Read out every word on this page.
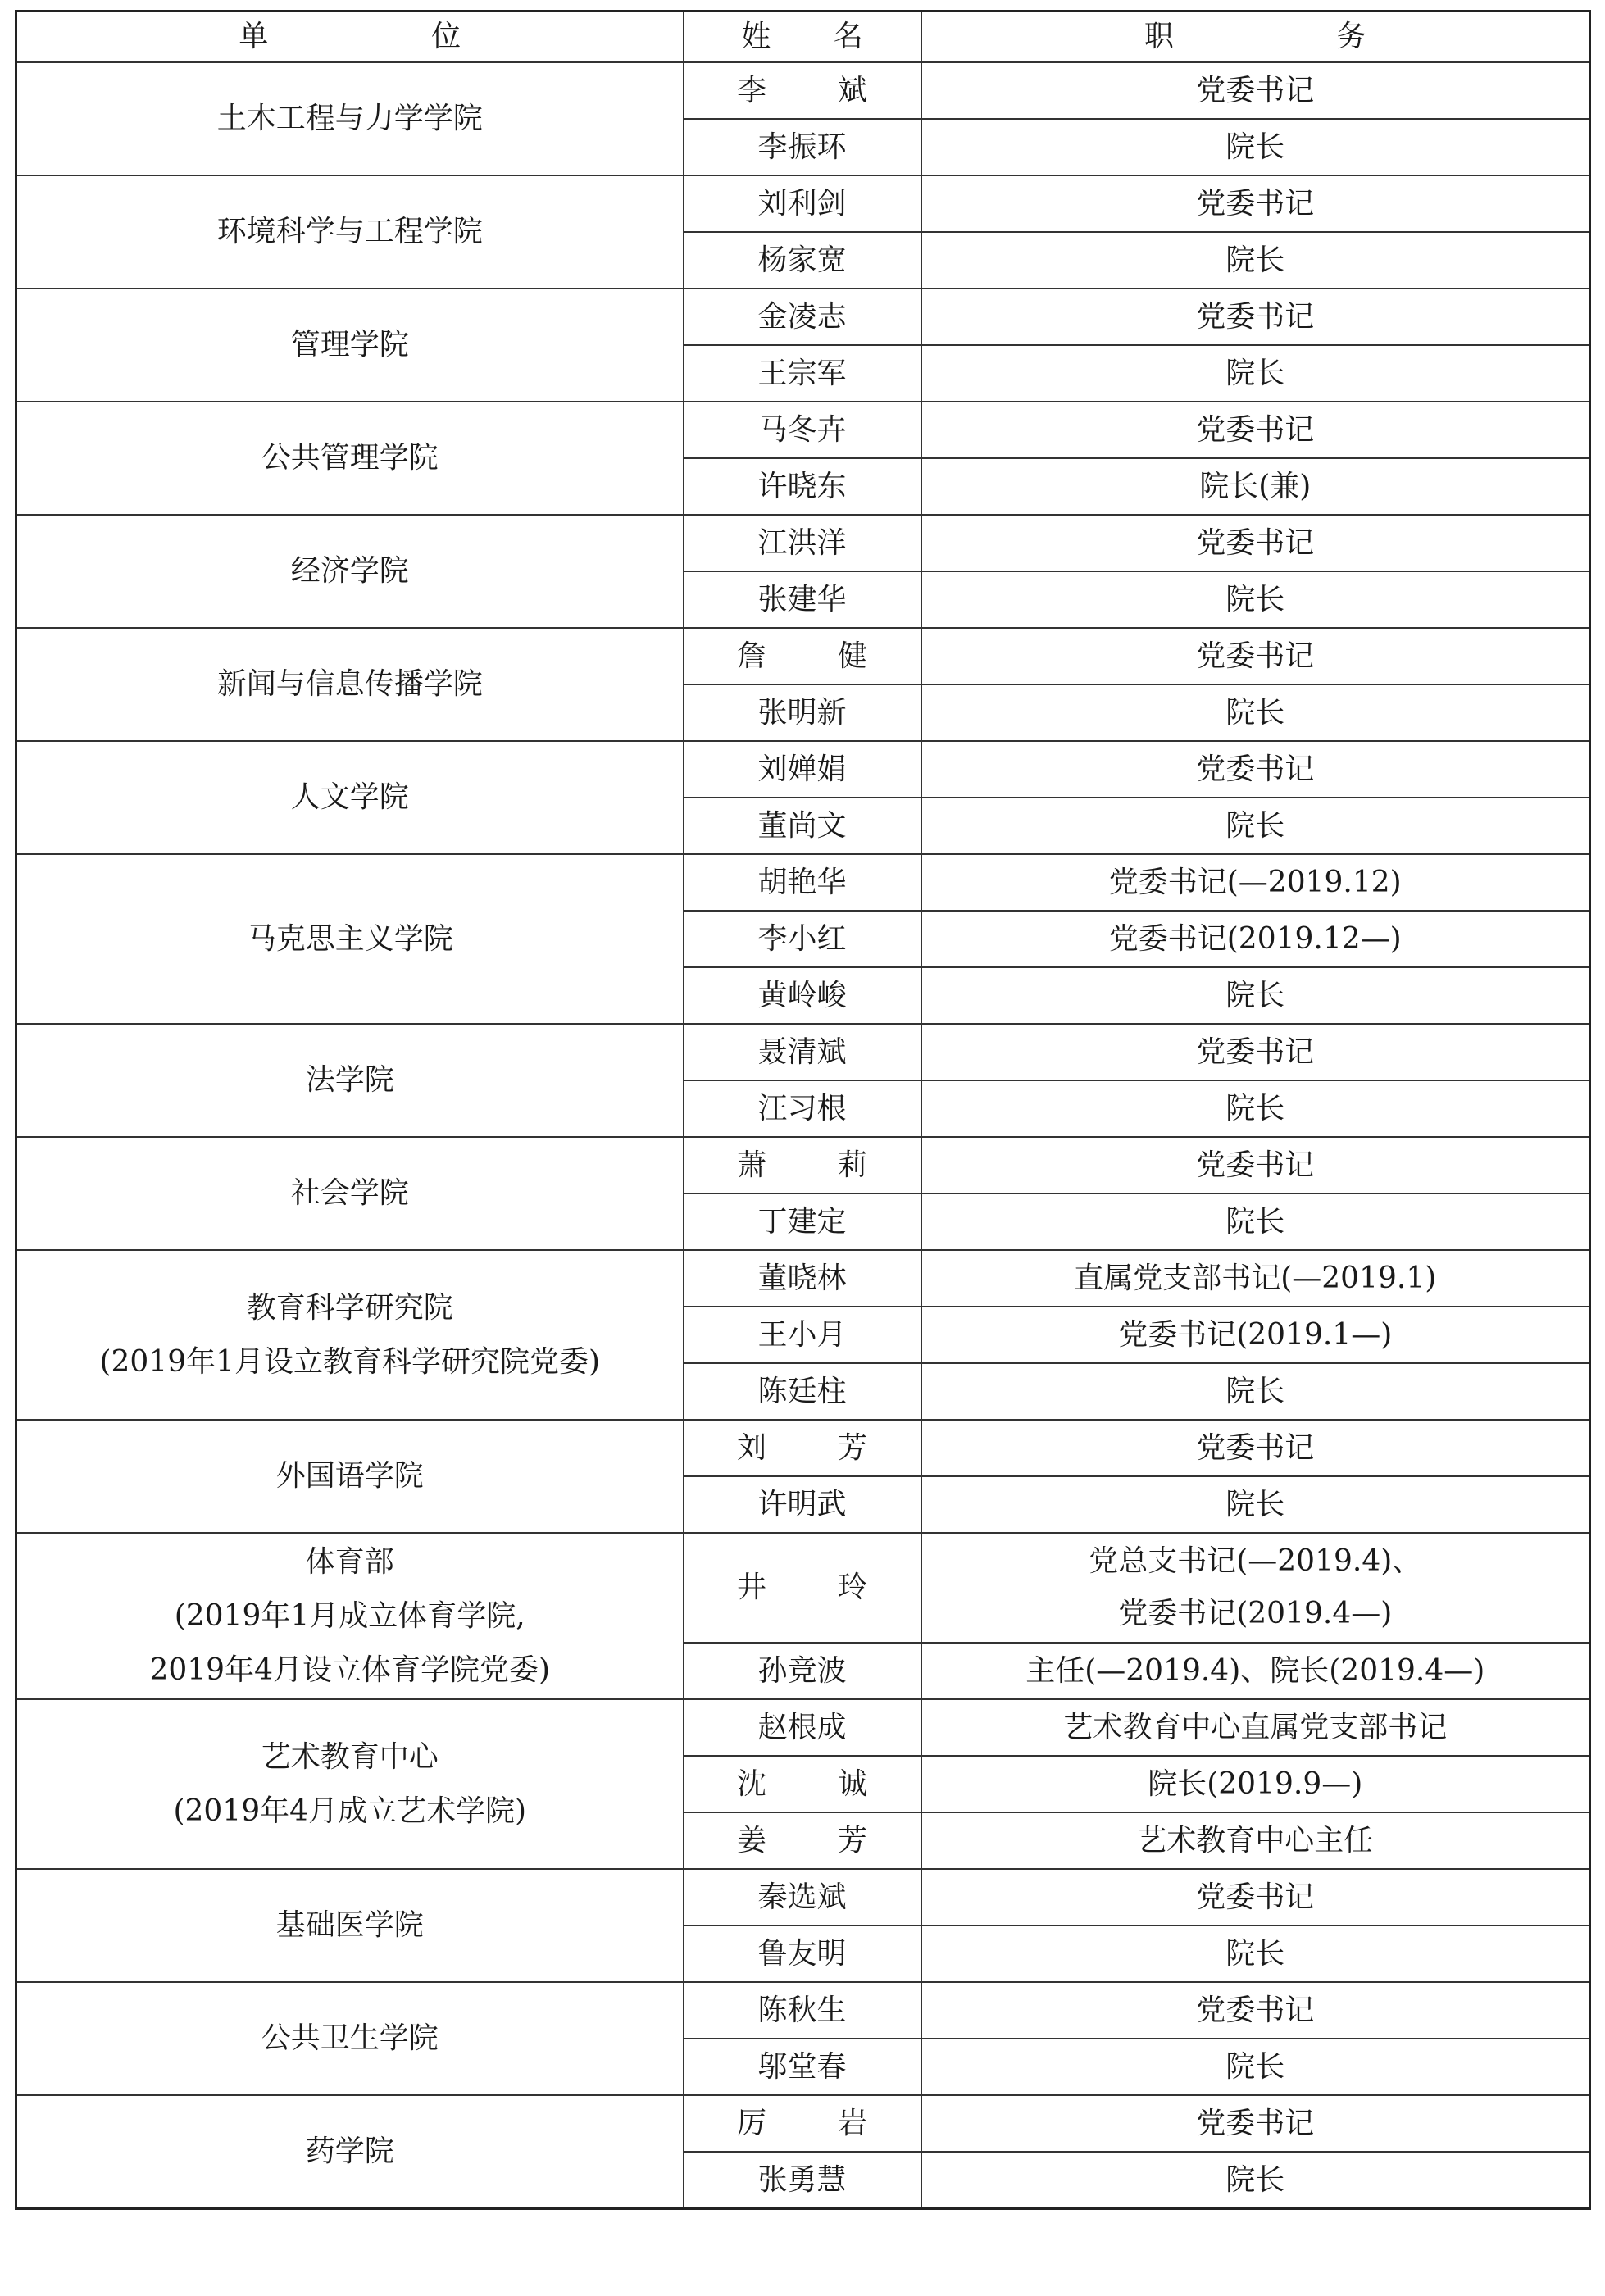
单 位	姓 名	职 务

土木工程与力学学院	李 斌	党委书记
	李振环	院长

环境科学与工程学院	刘利剑	党委书记
	杨家宽	院长

管理学院	金凌志	党委书记
	王宗军	院长

公共管理学院	马冬卉	党委书记
	许晓东	院长(兼)

经济学院	江洪洋	党委书记
	张建华	院长

新闻与信息传播学院	詹 健	党委书记
	张明新	院长

人文学院	刘婵娟	党委书记
	董尚文	院长

马克思主义学院	胡艳华	党委书记(—2019.12)
	李小红	党委书记(2019.12—)
	黄岭峻	院长

法学院	聂清斌	党委书记
	汪习根	院长

社会学院	萧 莉	党委书记
	丁建定	院长

教育科学研究院
(2019年1月设立教育科学研究院党委)	董晓林	直属党支部书记(—2019.1)
	王小月	党委书记(2019.1—)
	陈廷柱	院长

外国语学院	刘 芳	党委书记
	许明武	院长

体育部
(2019年1月成立体育学院,
2019年4月设立体育学院党委)	井 玲	党总支书记(—2019.4)、
党委书记(2019.4—)

	孙竞波	主任(—2019.4)、院长(2019.4—)

艺术教育中心
(2019年4月成立艺术学院)	赵根成	艺术教育中心直属党支部书记
	沈 诚	院长(2019.9—)
	姜 芳	艺术教育中心主任

基础医学院	秦选斌	党委书记
	鲁友明	院长

公共卫生学院	陈秋生	党委书记
	邬堂春	院长

药学院	厉 岩	党委书记
	张勇慧	院长
